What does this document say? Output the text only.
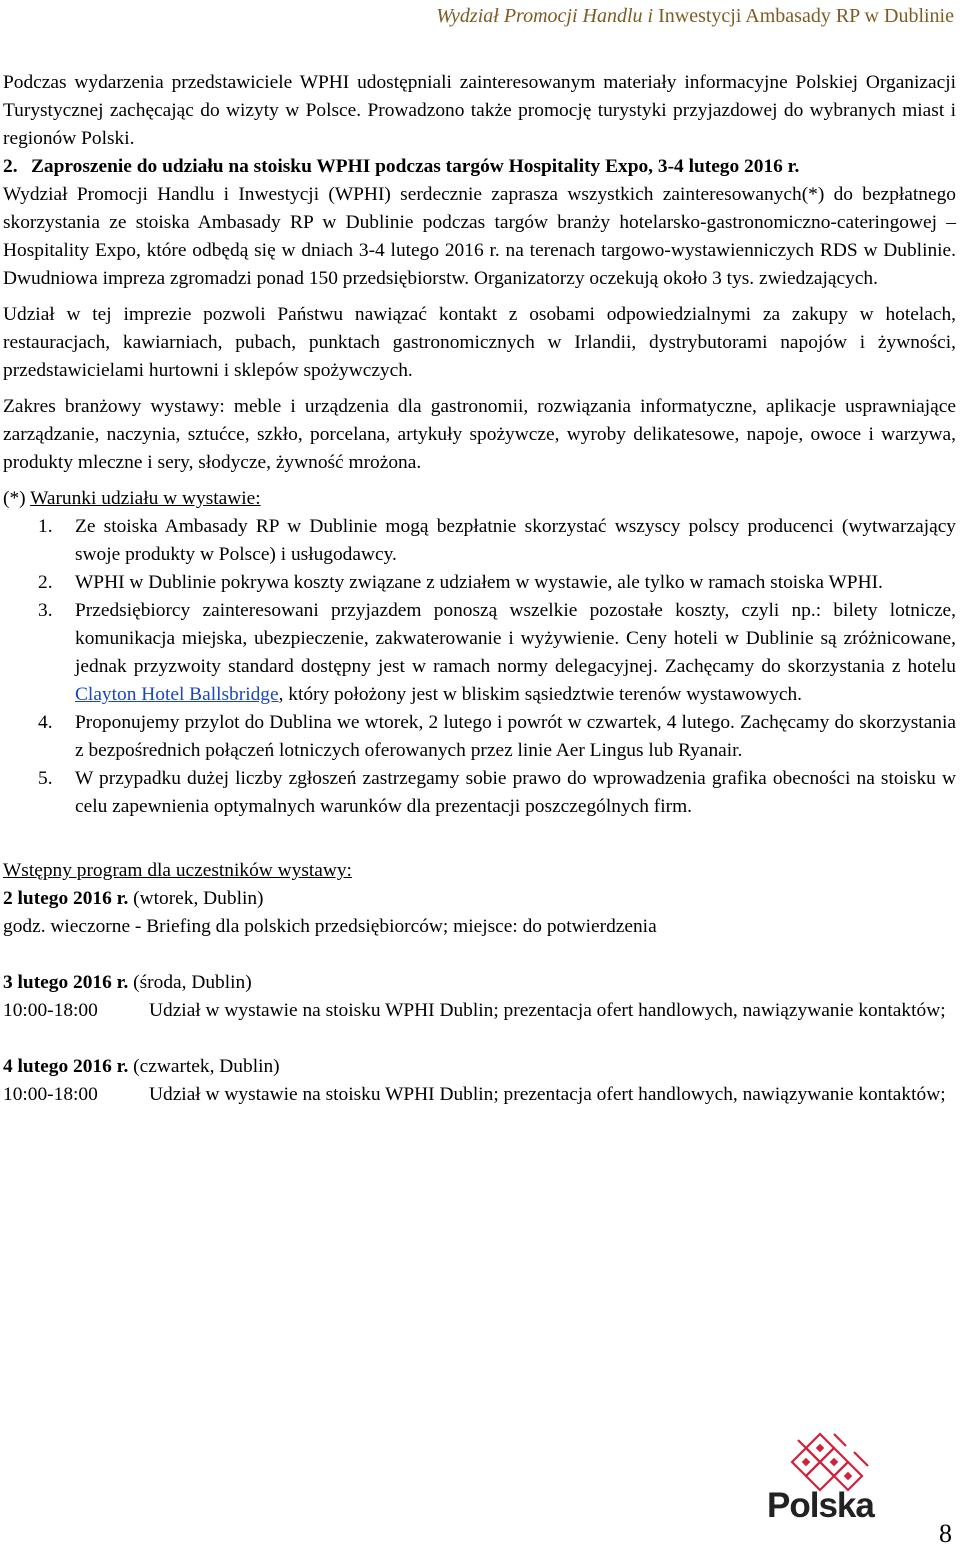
Wydział Promocji Handlu i Inwestycji Ambasady RP w Dublinie

Podczas wydarzenia przedstawiciele WPHI udostępniali zainteresowanym materiały informacyjne Polskiej Organizacji Turystycznej zachęcając do wizyty w Polsce. Prowadzono także promocję turystyki przyjazdowej do wybranych miast i regionów Polski.

2. Zaproszenie do udziału na stoisku WPHI podczas targów Hospitality Expo, 3-4 lutego 2016 r.

Wydział Promocji Handlu i Inwestycji (WPHI) serdecznie zaprasza wszystkich zainteresowanych(*) do bezpłatnego skorzystania ze stoiska Ambasady RP w Dublinie podczas targów branży hotelarsko-gastronomiczno-cateringowej – Hospitality Expo, które odbędą się w dniach 3-4 lutego 2016 r. na terenach targowo-wystawienniczych RDS w Dublinie. Dwudniowa impreza zgromadzi ponad 150 przedsiębiorstw. Organizatorzy oczekują około 3 tys. zwiedzających.

Udział w tej imprezie pozwoli Państwu nawiązać kontakt z osobami odpowiedzialnymi za zakupy w hotelach, restauracjach, kawiarniach, pubach, punktach gastronomicznych w Irlandii, dystrybutorami napojów i żywności, przedstawicielami hurtowni i sklepów spożywczych.

Zakres branżowy wystawy: meble i urządzenia dla gastronomii, rozwiązania informatyczne, aplikacje usprawniające zarządzanie, naczynia, sztućce, szkło, porcelana, artykuły spożywcze, wyroby delikatesowe, napoje, owoce i warzywa, produkty mleczne i sery, słodycze, żywność mrożona.

(*) Warunki udziału w wystawie:

1.	Ze stoiska Ambasady RP w Dublinie mogą bezpłatnie skorzystać wszyscy polscy producenci (wytwarzający swoje produkty w Polsce) i usługodawcy.
2.	WPHI w Dublinie pokrywa koszty związane z udziałem w wystawie, ale tylko w ramach stoiska WPHI.
3.	Przedsiębiorcy zainteresowani przyjazdem ponoszą wszelkie pozostałe koszty, czyli np.: bilety lotnicze, komunikacja miejska, ubezpieczenie, zakwaterowanie i wyżywienie. Ceny hoteli w Dublinie są zróżnicowane, jednak przyzwoity standard dostępny jest w ramach normy delegacyjnej. Zachęcamy do skorzystania z hotelu Clayton Hotel Ballsbridge, który położony jest w bliskim sąsiedztwie terenów wystawowych.
4.	Proponujemy przylot do Dublina we wtorek, 2 lutego i powrót w czwartek, 4 lutego. Zachęcamy do skorzystania z bezpośrednich połączeń lotniczych oferowanych przez linie Aer Lingus lub Ryanair.
5.	W przypadku dużej liczby zgłoszeń zastrzegamy sobie prawo do wprowadzenia grafika obecności na stoisku w celu zapewnienia optymalnych warunków dla prezentacji poszczególnych firm.

Wstępny program dla uczestników wystawy:

2 lutego 2016 r. (wtorek, Dublin)

godz. wieczorne - Briefing dla polskich przedsiębiorców; miejsce: do potwierdzenia

3 lutego 2016 r. (środa, Dublin)

10:00-18:00	Udział w wystawie na stoisku WPHI Dublin; prezentacja ofert handlowych, nawiązywanie kontaktów;

4 lutego 2016 r. (czwartek, Dublin)

10:00-18:00	Udział w wystawie na stoisku WPHI Dublin; prezentacja ofert handlowych, nawiązywanie kontaktów;
Polska
8
